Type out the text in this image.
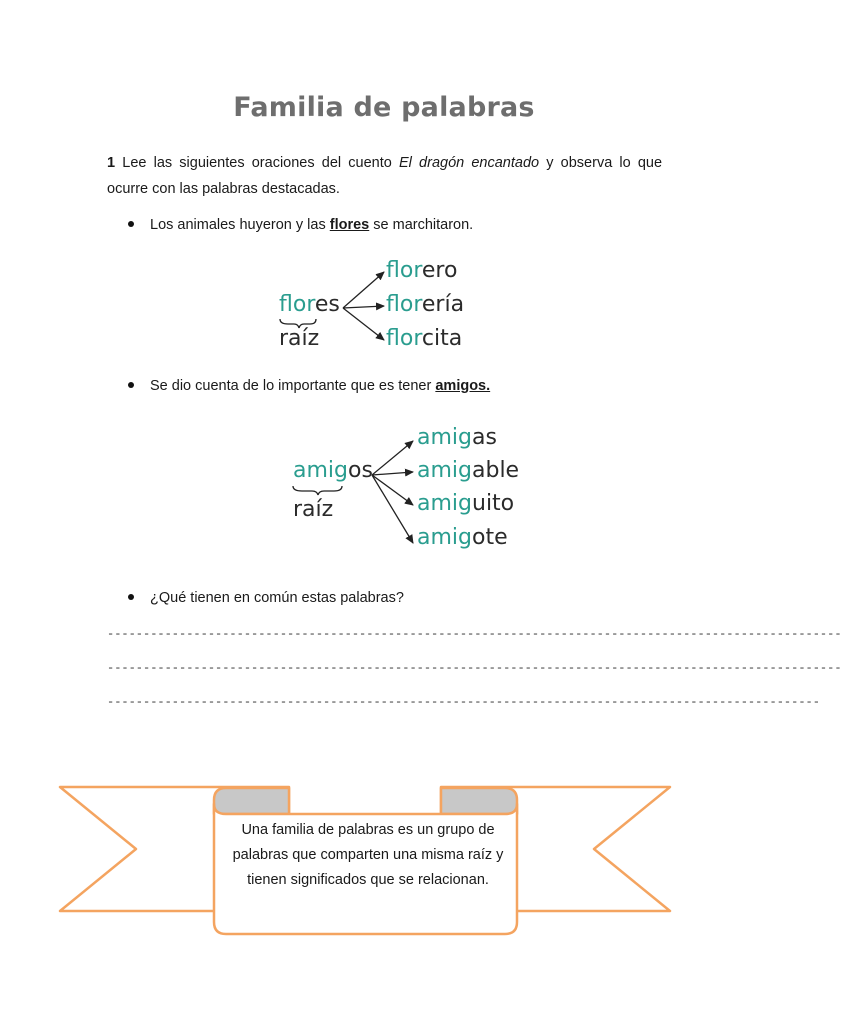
Familia de palabras
1 Lee las siguientes oraciones del cuento El dragón encantado y observa lo que ocurre con las palabras destacadas.
Los animales huyeron y las flores se marchitaron.
flores
raíz
florero
florería
florcita
Se dio cuenta de lo importante que es tener amigos.
amigos
raíz
amigas
amigable
amiguito
amigote
¿Qué tienen en común estas palabras?
------------------------------------------------------------------------------------------------------
------------------------------------------------------------------------------------------------------
---------------------------------------------------------------------------------------------------
Una familia de palabras es un grupo de palabras que comparten una misma raíz y tienen significados que se relacionan.
